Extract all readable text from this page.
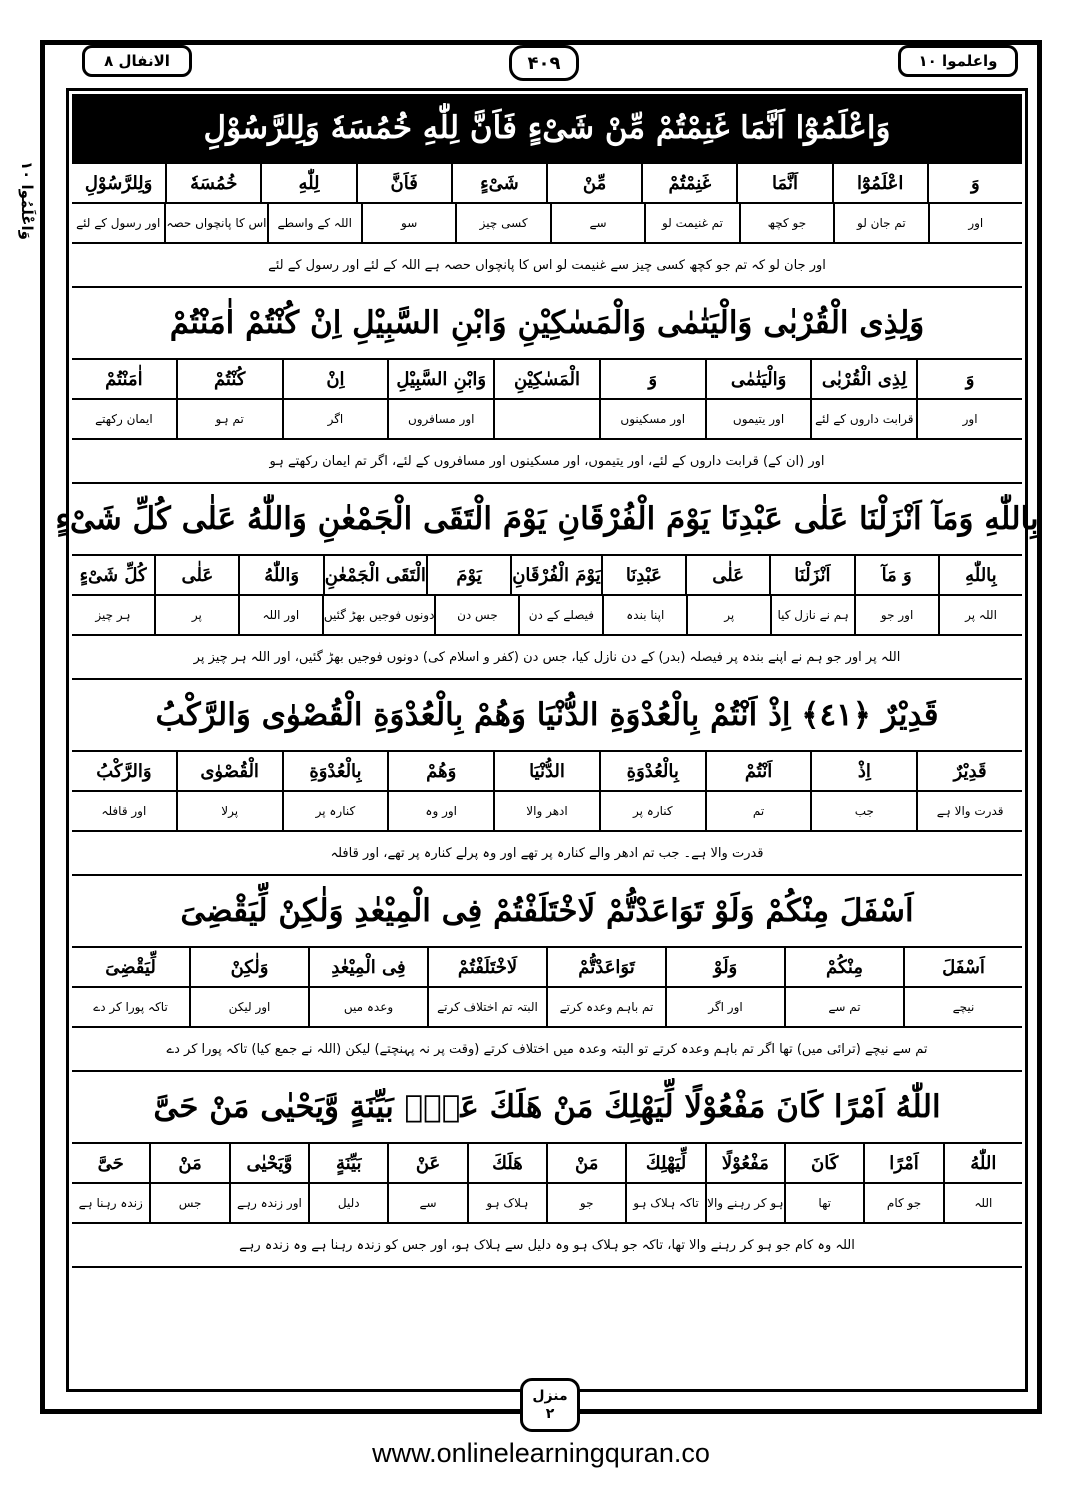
واعلموا ١٠
۴۰۹
الانفال ٨
وَاعْلَمُوا ١٠
وَاعْلَمُوْٓا اَنَّمَا غَنِمْتُمْ مِّنْ شَیْءٍ فَاَنَّ لِلّٰهِ خُمُسَهٗ وَلِلرَّسُوْلِ
وَ
اعْلَمُوْٓا
اَنَّمَا
غَنِمْتُمْ
مِّنْ
شَیْءٍ
فَاَنَّ
لِلّٰهِ
خُمُسَهٗ
وَلِلرَّسُوْلِ
اور
تم جان لو
جو کچھ
تم غنیمت لو
سے
کسی چیز
سو
اللہ کے واسطے
اس کا پانچواں حصہ
اور رسول کے لئے
اور جان لو کہ تم جو کچھ کسی چیز سے غنیمت لو اس کا پانچواں حصہ ہے اللہ کے لئے اور رسول کے لئے
وَلِذِی الْقُرْبٰى وَالْیَتٰمٰى وَالْمَسٰكِیْنِ وَابْنِ السَّبِیْلِ اِنْ كُنْتُمْ اٰمَنْتُمْ
وَ
لِذِی الْقُرْبٰى
وَالْیَتٰمٰى
وَ
الْمَسٰكِیْنِ
وَابْنِ السَّبِیْلِ
اِنْ
كُنْتُمْ
اٰمَنْتُمْ
اور
قرابت داروں کے لئے
اور یتیموں
اور مسکینوں
اور مسافروں
اگر
تم ہو
ایمان رکھتے
اور (ان کے) قرابت داروں کے لئے، اور یتیموں، اور مسکینوں اور مسافروں کے لئے، اگر تم ایمان رکھتے ہو
بِاللّٰهِ وَمَآ اَنْزَلْنَا عَلٰى عَبْدِنَا یَوْمَ الْفُرْقَانِ یَوْمَ الْتَقَى الْجَمْعٰنِ وَاللّٰهُ عَلٰى كُلِّ شَیْءٍ
بِاللّٰهِ
وَ مَآ
اَنْزَلْنَا
عَلٰى
عَبْدِنَا
یَوْمَ الْفُرْقَانِ
یَوْمَ
الْتَقَى الْجَمْعٰنِ
وَاللّٰهُ
عَلٰى
كُلِّ شَیْءٍ
اللہ پر
اور جو
ہم نے نازل کیا
پر
اپنا بندہ
فیصلے کے دن
جس دن
دونوں فوجیں بھڑ گئیں
اور اللہ
پر
ہر چیز
اللہ پر اور جو ہم نے اپنے بندہ پر فیصلہ (بدر) کے دن نازل کیا، جس دن (کفر و اسلام کی) دونوں فوجیں بھڑ گئیں، اور اللہ ہر چیز پر
قَدِیْرٌ ﴿٤١﴾ اِذْ اَنْتُمْ بِالْعُدْوَةِ الدُّنْیَا وَهُمْ بِالْعُدْوَةِ الْقُصْوٰى وَالرَّكْبُ
قَدِیْرٌ
اِذْ
اَنْتُمْ
بِالْعُدْوَةِ
الدُّنْیَا
وَهُمْ
بِالْعُدْوَةِ
الْقُصْوٰى
وَالرَّكْبُ
قدرت والا ہے
جب
تم
کنارہ پر
ادھر والا
اور وہ
کنارہ پر
پرلا
اور قافلہ
قدرت والا ہے۔ جب تم ادھر والے کنارہ پر تھے اور وہ پرلے کنارہ پر تھے، اور قافلہ
اَسْفَلَ مِنْكُمْ وَلَوْ تَوَاعَدْتُّمْ لَاخْتَلَفْتُمْ فِی الْمِیْعٰدِ وَلٰكِنْ لِّیَقْضِیَ
اَسْفَلَ
مِنْكُمْ
وَلَوْ
تَوَاعَدْتُّمْ
لَاخْتَلَفْتُمْ
فِی الْمِیْعٰدِ
وَلٰكِنْ
لِّیَقْضِیَ
نیچے
تم سے
اور اگر
تم باہم وعدہ کرتے
البتہ تم اختلاف کرتے
وعدہ میں
اور لیکن
تاکہ پورا کر دے
تم سے نیچے (ترائی میں) تھا اگر تم باہم وعدہ کرتے تو البتہ وعدہ میں اختلاف کرتے (وقت پر نہ پہنچتے) لیکن (اللہ نے جمع کیا) تاکہ پورا کر دے
اللّٰهُ اَمْرًا كَانَ مَفْعُوْلًا لِّیَهْلِكَ مَنْ هَلَكَ عَنْۢ بَیِّنَةٍ وَّیَحْیٰى مَنْ حَیَّ
اللّٰهُ
اَمْرًا
كَانَ
مَفْعُوْلًا
لِّیَهْلِكَ
مَنْ
هَلَكَ
عَنْ
بَیِّنَةٍ
وَّیَحْیٰى
مَنْ
حَیَّ
اللہ
جو کام
تھا
ہو کر رہنے والا
تاکہ ہلاک ہو
جو
ہلاک ہو
سے
دلیل
اور زندہ رہے
جس
زندہ رہنا ہے
اللہ وہ کام جو ہو کر رہنے والا تھا، تاکہ جو ہلاک ہو وہ دلیل سے ہلاک ہو، اور جس کو زندہ رہنا ہے وہ زندہ رہے
منزل
٢
www.onlinelearningquran.co
